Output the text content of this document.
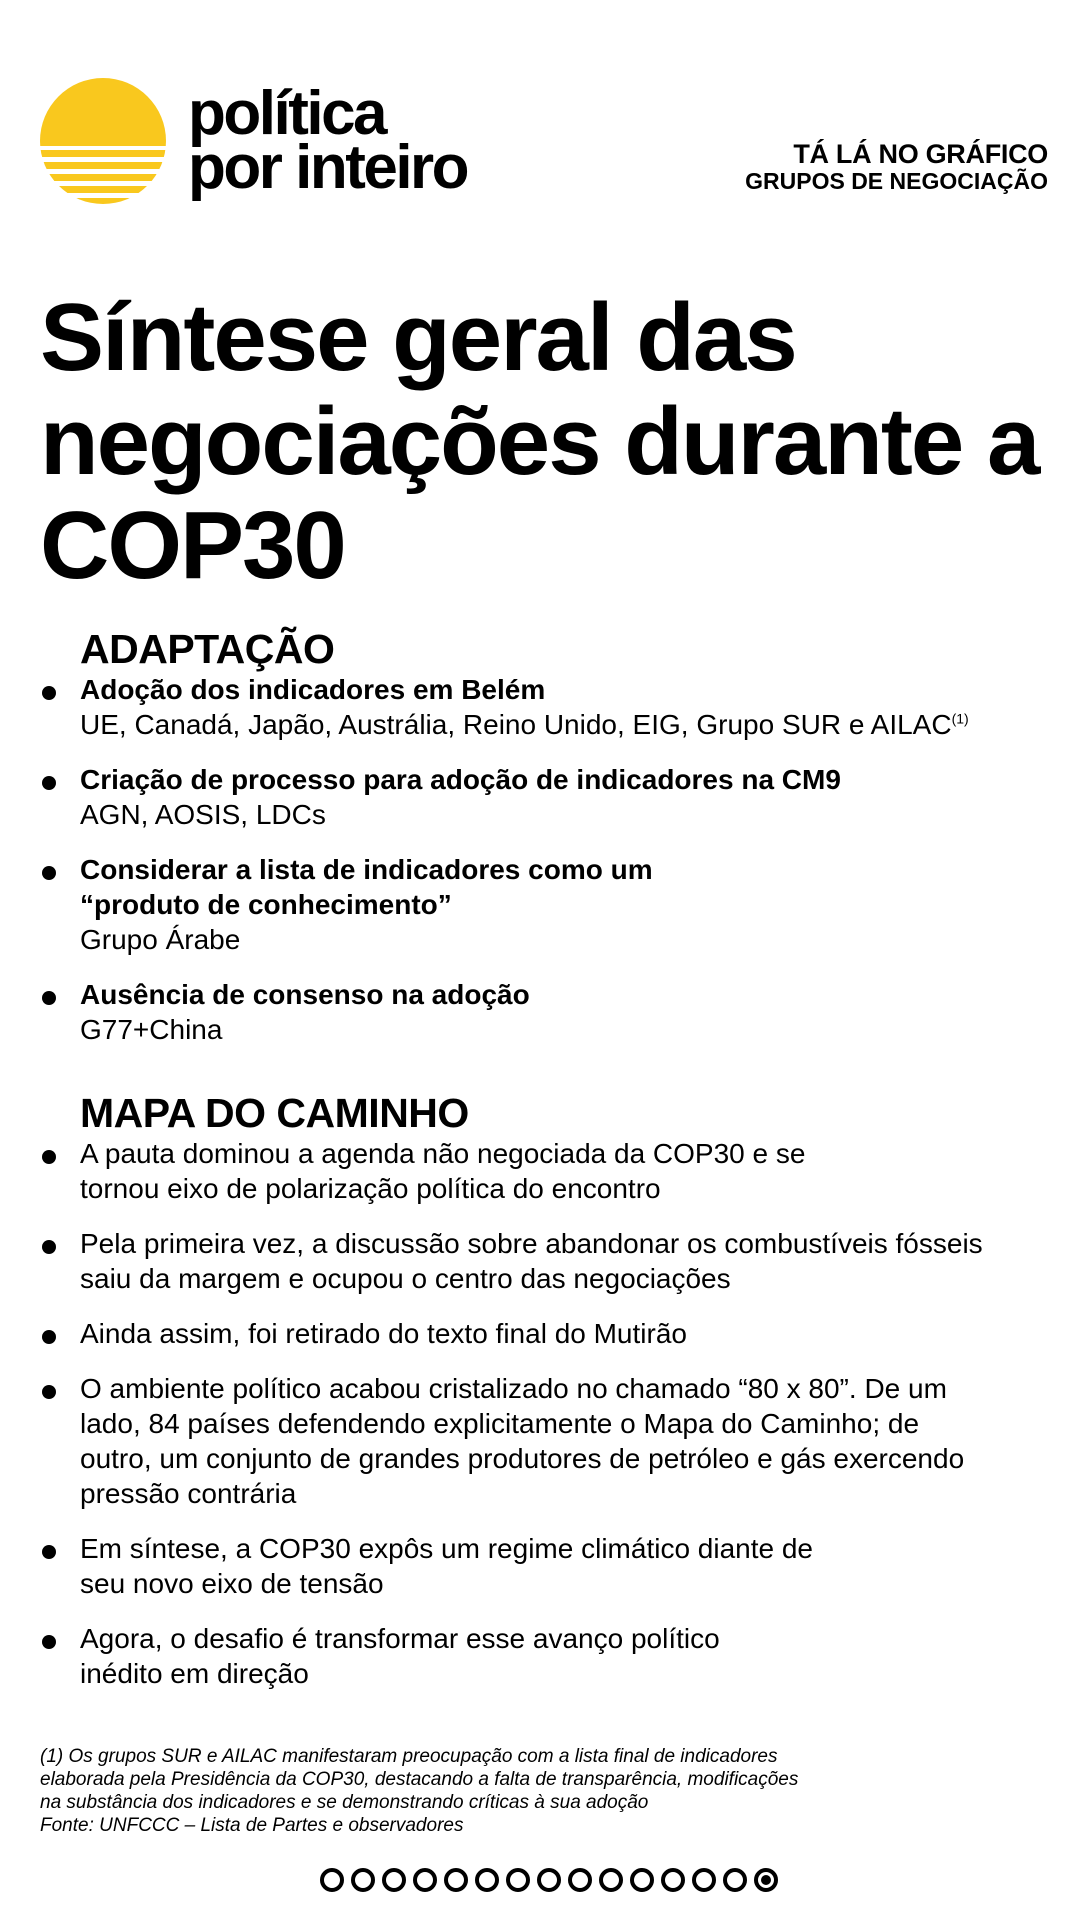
política
por inteiro	TÁ LÁ NO GRÁFICO
GRUPOS DE NEGOCIAÇÃO
Síntese geral das negociações durante a COP30
ADAPTAÇÃO
Adoção dos indicadores em Belém
UE, Canadá, Japão, Austrália, Reino Unido, EIG, Grupo SUR e AILAC$^{(1)}$
Criação de processo para adoção de indicadores na CM9
AGN, AOSIS, LDCs
Considerar a lista de indicadores como um “produto de conhecimento”
Grupo Árabe
Ausência de consenso na adoção
G77+China
MAPA DO CAMINHO
A pauta dominou a agenda não negociada da COP30 e se tornou eixo de polarização política do encontro
Pela primeira vez, a discussão sobre abandonar os combustíveis fósseis saiu da margem e ocupou o centro das negociações
Ainda assim, foi retirado do texto final do Mutirão
O ambiente político acabou cristalizado no chamado “80 x 80”. De um lado, 84 países defendendo explicitamente o Mapa do Caminho; de outro, um conjunto de grandes produtores de petróleo e gás exercendo pressão contrária
Em síntese, a COP30 expôs um regime climático diante de seu novo eixo de tensão
Agora, o desafio é transformar esse avanço político inédito em direção
(1) Os grupos SUR e AILAC manifestaram preocupação com a lista final de indicadores
elaborada pela Presidência da COP30, destacando a falta de transparência, modificações
na substância dos indicadores e se demonstrando críticas à sua adoção
Fonte: UNFCCC – Lista de Partes e observadores
